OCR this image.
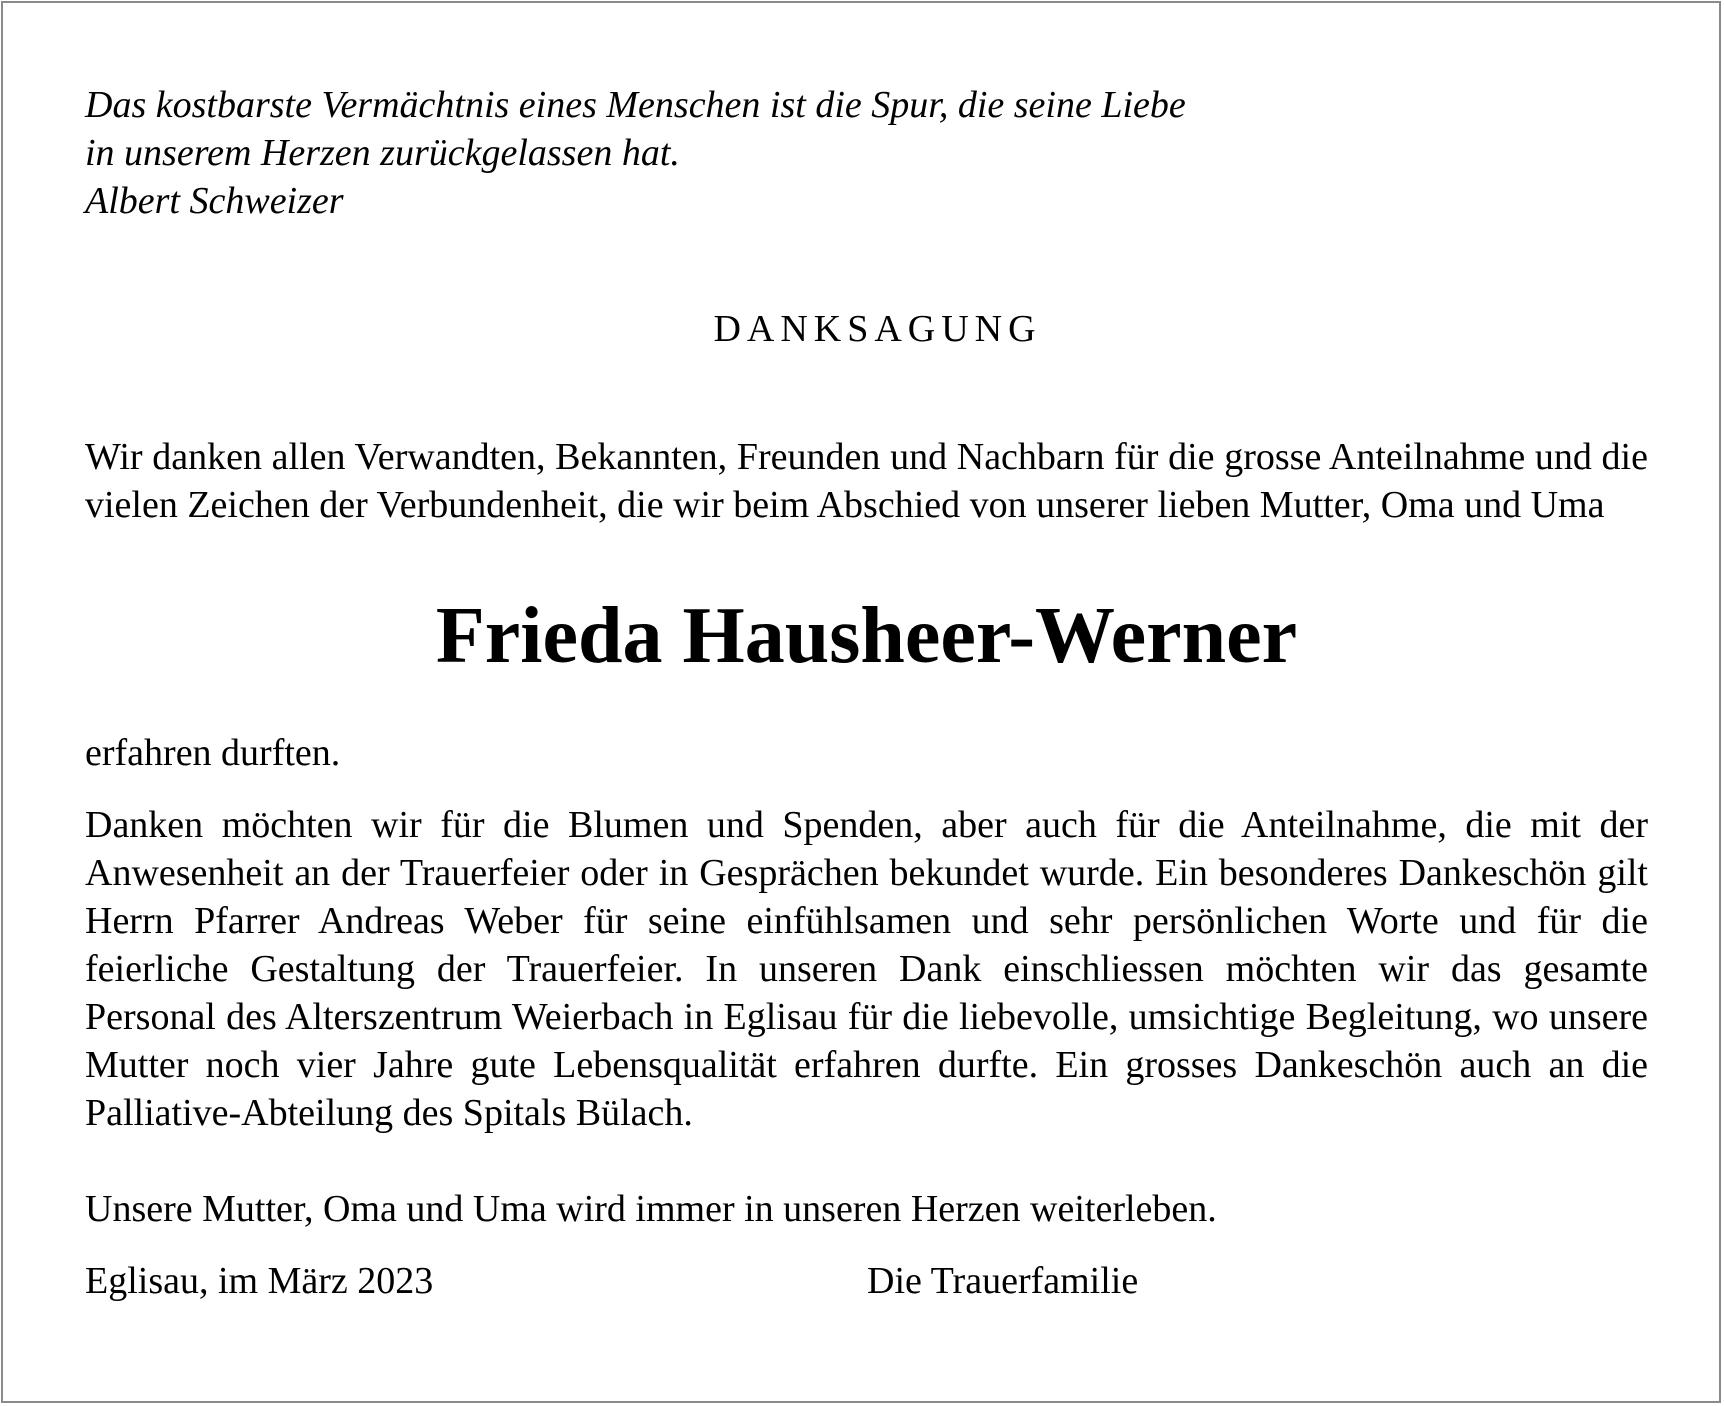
Das kostbarste Vermächtnis eines Menschen ist die Spur, die seine Liebe
in unserem Herzen zurückgelassen hat.
Albert Schweizer
DANKSAGUNG
Wir danken allen Verwandten, Bekannten, Freunden und Nachbarn für die grosse Anteilnahme und die vielen Zeichen der Verbundenheit, die wir beim Abschied von unserer lieben Mutter, Oma und Uma
Frieda Hausheer-Werner
erfahren durften.
Danken möchten wir für die Blumen und Spenden, aber auch für die Anteilnahme, die mit der Anwesenheit an der Trauerfeier oder in Gesprächen bekundet wurde. Ein besonderes Dankeschön gilt Herrn Pfarrer Andreas Weber für seine einfühlsamen und sehr persönlichen Worte und für die feierliche Gestaltung der Trauerfeier. In unseren Dank einschliessen möchten wir das gesamte Personal des Alterszentrum Weierbach in Eglisau für die liebevolle, umsichtige Begleitung, wo unsere Mutter noch vier Jahre gute Lebensqualität erfahren durfte. Ein grosses Dankeschön auch an die Palliative-Abteilung des Spitals Bülach.
Unsere Mutter, Oma und Uma wird immer in unseren Herzen weiterleben.
Eglisau, im März 2023	Die Trauerfamilie
